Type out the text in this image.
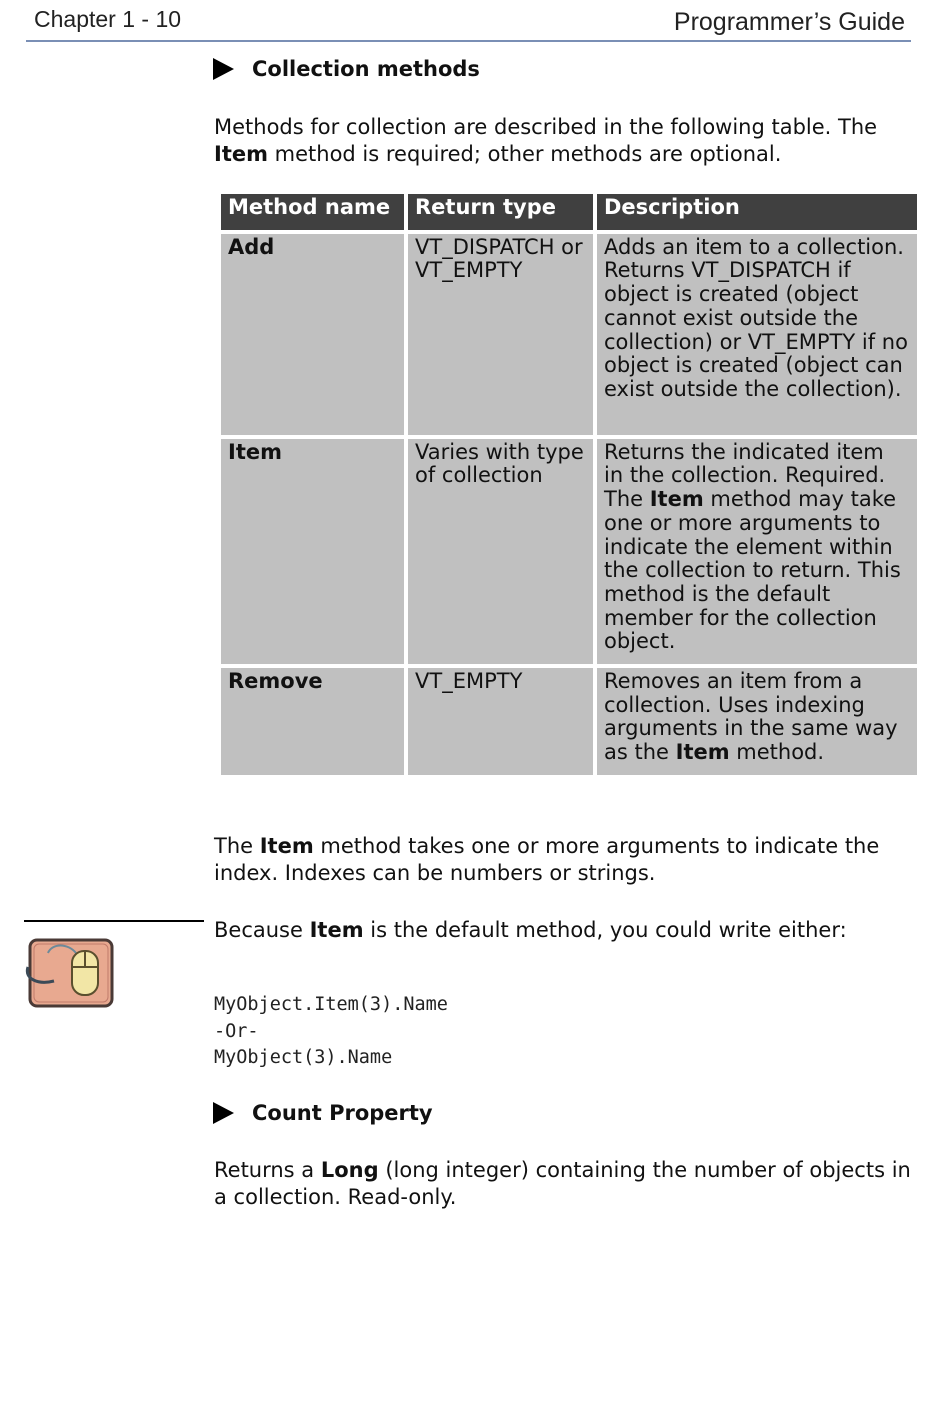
Chapter 1 - 10	Programmer’s Guide
Collection methods
Methods for collection are described in the following table. The Item method is required; other methods are optional.
Method name	Return type	Description
Add	VT_DISPATCH or VT_EMPTY	Adds an item to a collection. Returns VT_DISPATCH if object is created (object cannot exist outside the collection) or VT_EMPTY if no object is created (object can exist outside the collection).
Item	Varies with type of collection	Returns the indicated item in the collection. Required. The Item method may take one or more arguments to indicate the element within the collection to return. This method is the default member for the collection object.
Remove	VT_EMPTY	Removes an item from a collection. Uses indexing arguments in the same way as the Item method.
The Item method takes one or more arguments to indicate the index. Indexes can be numbers or strings.
Because Item is the default method, you could write either:
MyObject.Item(3).Name
-Or-
MyObject(3).Name
Count Property
Returns a Long (long integer) containing the number of objects in a collection. Read-only.
